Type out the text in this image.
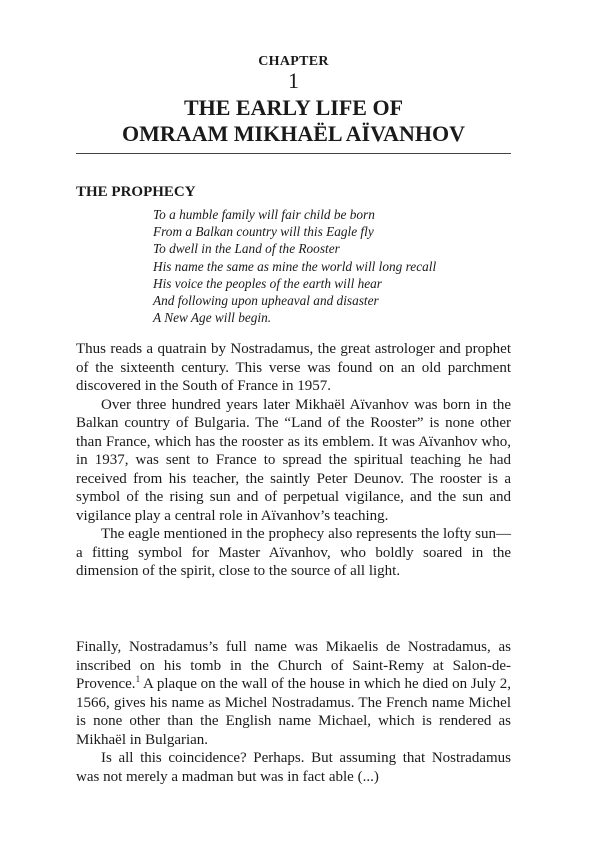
CHAPTER
1
THE EARLY LIFE OF
OMRAAM MIKHAËL AÏVANHOV
THE PROPHECY
To a humble family will fair child be born
From a Balkan country will this Eagle fly
To dwell in the Land of the Rooster
His name the same as mine the world will long recall
His voice the peoples of the earth will hear
And following upon upheaval and disaster
A New Age will begin.

Thus reads a quatrain by Nostradamus, the great astrologer and prophet of the sixteenth century. This verse was found on an old parchment discovered in the South of France in 1957.

Over three hundred years later Mikhaël Aïvanhov was born in the Balkan country of Bulgaria. The “Land of the Rooster” is none other than France, which has the rooster as its emblem. It was Aïvanhov who, in 1937, was sent to France to spread the spiritual teaching he had received from his teacher, the saintly Peter Deunov. The rooster is a symbol of the rising sun and of perpetual vigilance, and the sun and vigilance play a central role in Aïvanhov’s teaching.

The eagle mentioned in the prophecy also represents the lofty sun—a fitting symbol for Master Aïvanhov, who boldly soared in the dimension of the spirit, close to the source of all light.

Finally, Nostradamus’s full name was Mikaelis de Nostradamus, as inscribed on his tomb in the Church of Saint-Remy at Salon-de-Provence.$^1$ A plaque on the wall of the house in which he died on July 2, 1566, gives his name as Michel Nostradamus. The French name Michel is none other than the English name Michael, which is rendered as Mikhaël in Bulgarian.

Is all this coincidence? Perhaps. But assuming that Nostradamus was not merely a madman but was in fact able (...)
